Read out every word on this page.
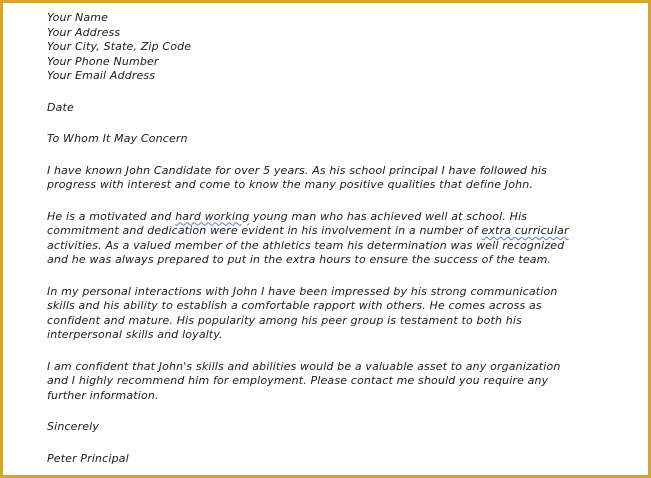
Your Name
Your Address
Your City, State, Zip Code
Your Phone Number
Your Email Address
Date
To Whom It May Concern
I have known John Candidate for over 5 years. As his school principal I have followed his
progress with interest and come to know the many positive qualities that define John.
He is a motivated and hard working young man who has achieved well at school. His
commitment and dedication were evident in his involvement in a number of extra curricular
activities. As a valued member of the athletics team his determination was well recognized
and he was always prepared to put in the extra hours to ensure the success of the team.
In my personal interactions with John I have been impressed by his strong communication
skills and his ability to establish a comfortable rapport with others. He comes across as
confident and mature. His popularity among his peer group is testament to both his
interpersonal skills and loyalty.
I am confident that John's skills and abilities would be a valuable asset to any organization
and I highly recommend him for employment. Please contact me should you require any
further information.
Sincerely
Peter Principal
